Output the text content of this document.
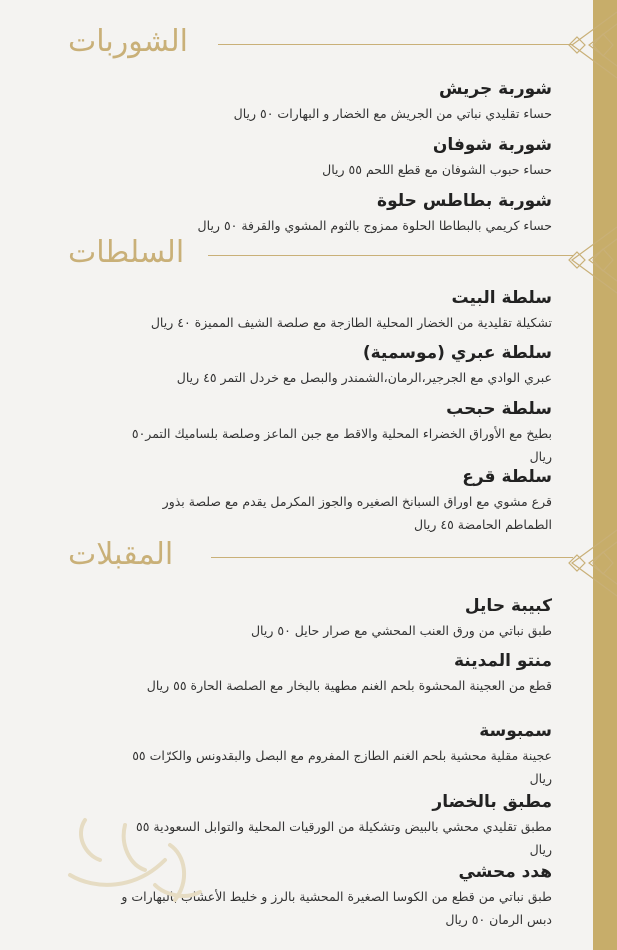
الشوربات
شوربة جريش
حساء تقليدي نباتي من الجريش مع الخضار و البهارات ٥٠ ريال
شوربة شوفان
حساء حبوب الشوفان مع قطع اللحم ٥٥ ريال
شوربة بطاطس حلوة
حساء كريمي بالبطاطا الحلوة ممزوج بالثوم المشوي والقرفة ٥٠ ريال
السلطات
سلطة البيت
تشكيلة تقليدية من الخضار المحلية الطازجة مع صلصة الشيف المميزة ٤٠ ريال
سلطة عبري (موسمية)
عبري الوادي مع الجرجير،الرمان،الشمندر والبصل مع خردل التمر ٤٥ ريال
سلطة حبحب
بطيخ مع الأوراق الخضراء المحلية والاقط مع جبن الماعز وصلصة بلساميك التمر٥٠ ريال
سلطة قرع
قرع مشوي مع اوراق السبانخ الصغيره والجوز المكرمل يقدم مع صلصة بذور الطماطم الحامضة ٤٥ ريال
المقبلات
كبيبة حايل
طبق نباتي من ورق العنب المحشي مع صرار حايل ٥٠ ريال
منتو المدينة
قطع من العجينة المحشوة بلحم الغنم مطهية بالبخار مع الصلصة الحارة ٥٥ ريال
سمبوسة
عجينة مقلية محشية بلحم الغنم الطازج المفروم مع البصل والبقدونس والكرّات ٥٥ ريال
مطبق بالخضار
مطبق تقليدي محشي بالبيض وتشكيلة من الورقيات المحلية والتوابل السعودية ٥٥ ريال
هدد محشي
طبق نباتي من قطع من الكوسا الصغيرة المحشية بالرز و خليط الأعشاب بالبهارات و دبس الرمان ٥٠ ريال
